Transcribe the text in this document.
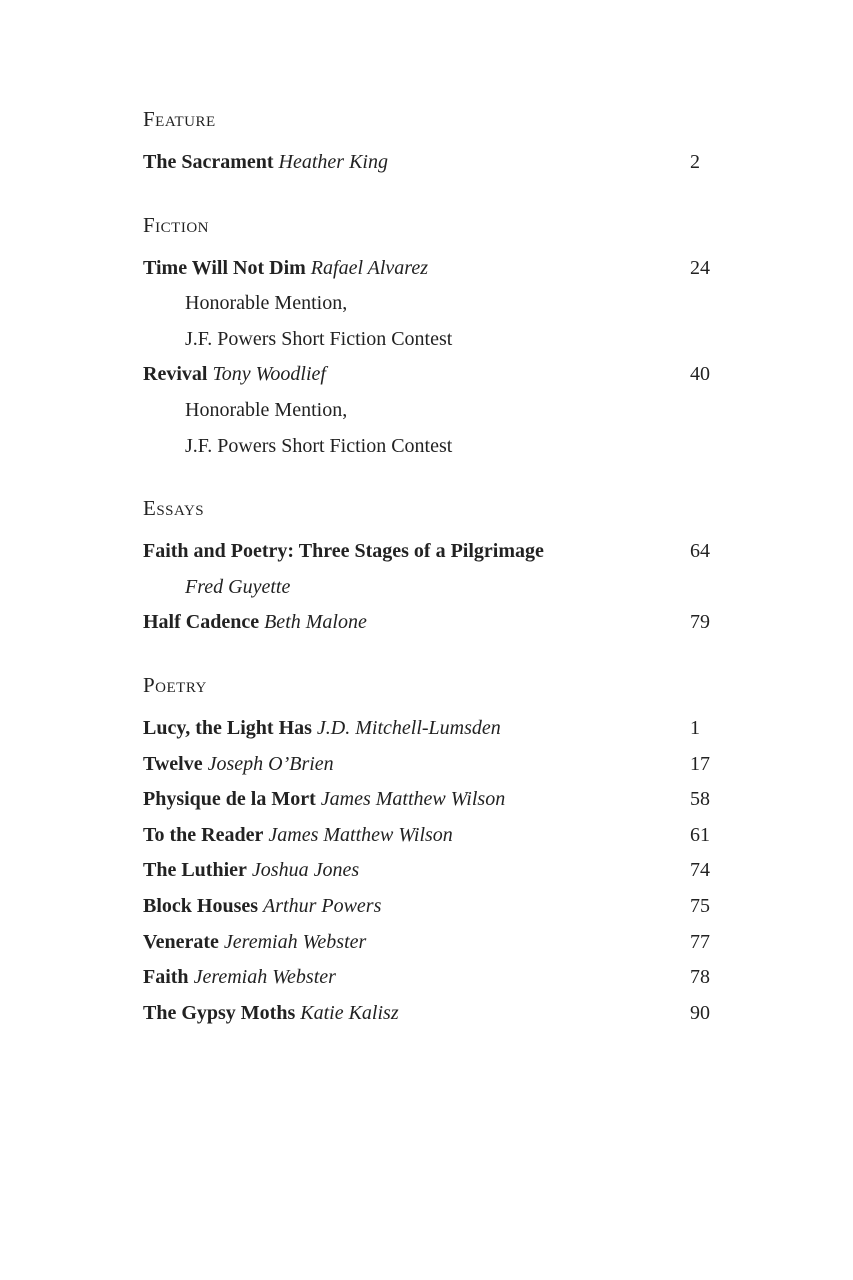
Feature
The Sacrament Heather King	2
Fiction
Time Will Not Dim Rafael Alvarez	24
Honorable Mention,
J.F. Powers Short Fiction Contest
Revival Tony Woodlief	40
Honorable Mention,
J.F. Powers Short Fiction Contest
Essays
Faith and Poetry: Three Stages of a Pilgrimage	64
Fred Guyette
Half Cadence Beth Malone	79
Poetry
Lucy, the Light Has J.D. Mitchell-Lumsden	1
Twelve Joseph O’Brien	17
Physique de la Mort James Matthew Wilson	58
To the Reader James Matthew Wilson	61
The Luthier Joshua Jones	74
Block Houses Arthur Powers	75
Venerate Jeremiah Webster	77
Faith Jeremiah Webster	78
The Gypsy Moths Katie Kalisz	90
